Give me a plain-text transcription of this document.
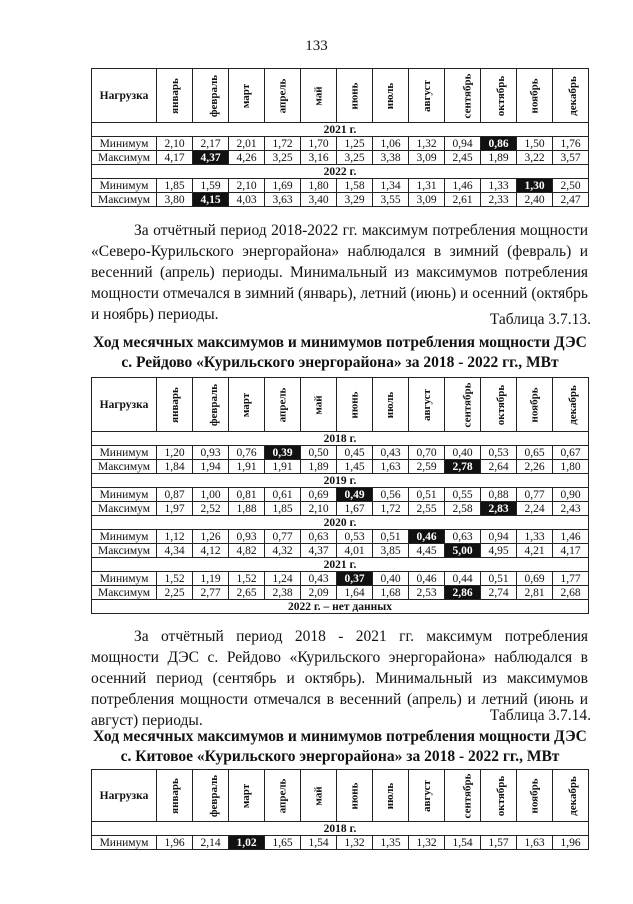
133
Нагрузка	январь	февраль	март	апрель	май	июнь	июль	август	сентябрь	октябрь	ноябрь	декабрь
2021 г.												
Минимум	2,10	2,17	2,01	1,72	1,70	1,25	1,06	1,32	0,94	0,86	1,50	1,76
Максимум	4,17	4,37	4,26	3,25	3,16	3,25	3,38	3,09	2,45	1,89	3,22	3,57
2022 г.												
Минимум	1,85	1,59	2,10	1,69	1,80	1,58	1,34	1,31	1,46	1,33	1,30	2,50
Максимум	3,80	4,15	4,03	3,63	3,40	3,29	3,55	3,09	2,61	2,33	2,40	2,47
За отчётный период 2018-2022 гг. максимум потребления мощности «Северо-Курильского энергорайона» наблюдался в зимний (февраль) и весенний (апрель) периоды. Минимальный из максимумов потребления мощности отмечался в зимний (январь), летний (июнь) и осенний (октябрь и ноябрь) периоды.	Таблица 3.7.13.
Ход месячных максимумов и минимумов потребления мощности ДЭС
с. Рейдово «Курильского энергорайона» за 2018 - 2022 гг., МВт
Нагрузка	январь	февраль	март	апрель	май	июнь	июль	август	сентябрь	октябрь	ноябрь	декабрь
2018 г.												
Минимум	1,20	0,93	0,76	0,39	0,50	0,45	0,43	0,70	0,40	0,53	0,65	0,67
Максимум	1,84	1,94	1,91	1,91	1,89	1,45	1,63	2,59	2,78	2,64	2,26	1,80
2019 г.												
Минимум	0,87	1,00	0,81	0,61	0,69	0,49	0,56	0,51	0,55	0,88	0,77	0,90
Максимум	1,97	2,52	1,88	1,85	2,10	1,67	1,72	2,55	2,58	2,83	2,24	2,43
2020 г.												
Минимум	1,12	1,26	0,93	0,77	0,63	0,53	0,51	0,46	0,63	0,94	1,33	1,46
Максимум	4,34	4,12	4,82	4,32	4,37	4,01	3,85	4,45	5,00	4,95	4,21	4,17
2021 г.												
Минимум	1,52	1,19	1,52	1,24	0,43	0,37	0,40	0,46	0,44	0,51	0,69	1,77
Максимум	2,25	2,77	2,65	2,38	2,09	1,64	1,68	2,53	2,86	2,74	2,81	2,68
2022 г. – нет данных												
За отчётный период 2018 - 2021 гг. максимум потребления мощности ДЭС с. Рейдово «Курильского энергорайона» наблюдался в осенний период (сентябрь и октябрь). Минимальный из максимумов потребления мощности отмечался в весенний (апрель) и летний (июнь и август) периоды.	Таблица 3.7.14.
Ход месячных максимумов и минимумов потребления мощности ДЭС
с. Китовое «Курильского энергорайона» за 2018 - 2022 гг., МВт
Нагрузка	январь	февраль	март	апрель	май	июнь	июль	август	сентябрь	октябрь	ноябрь	декабрь
2018 г.												
Минимум	1,96	2,14	1,02	1,65	1,54	1,32	1,35	1,32	1,54	1,57	1,63	1,96
